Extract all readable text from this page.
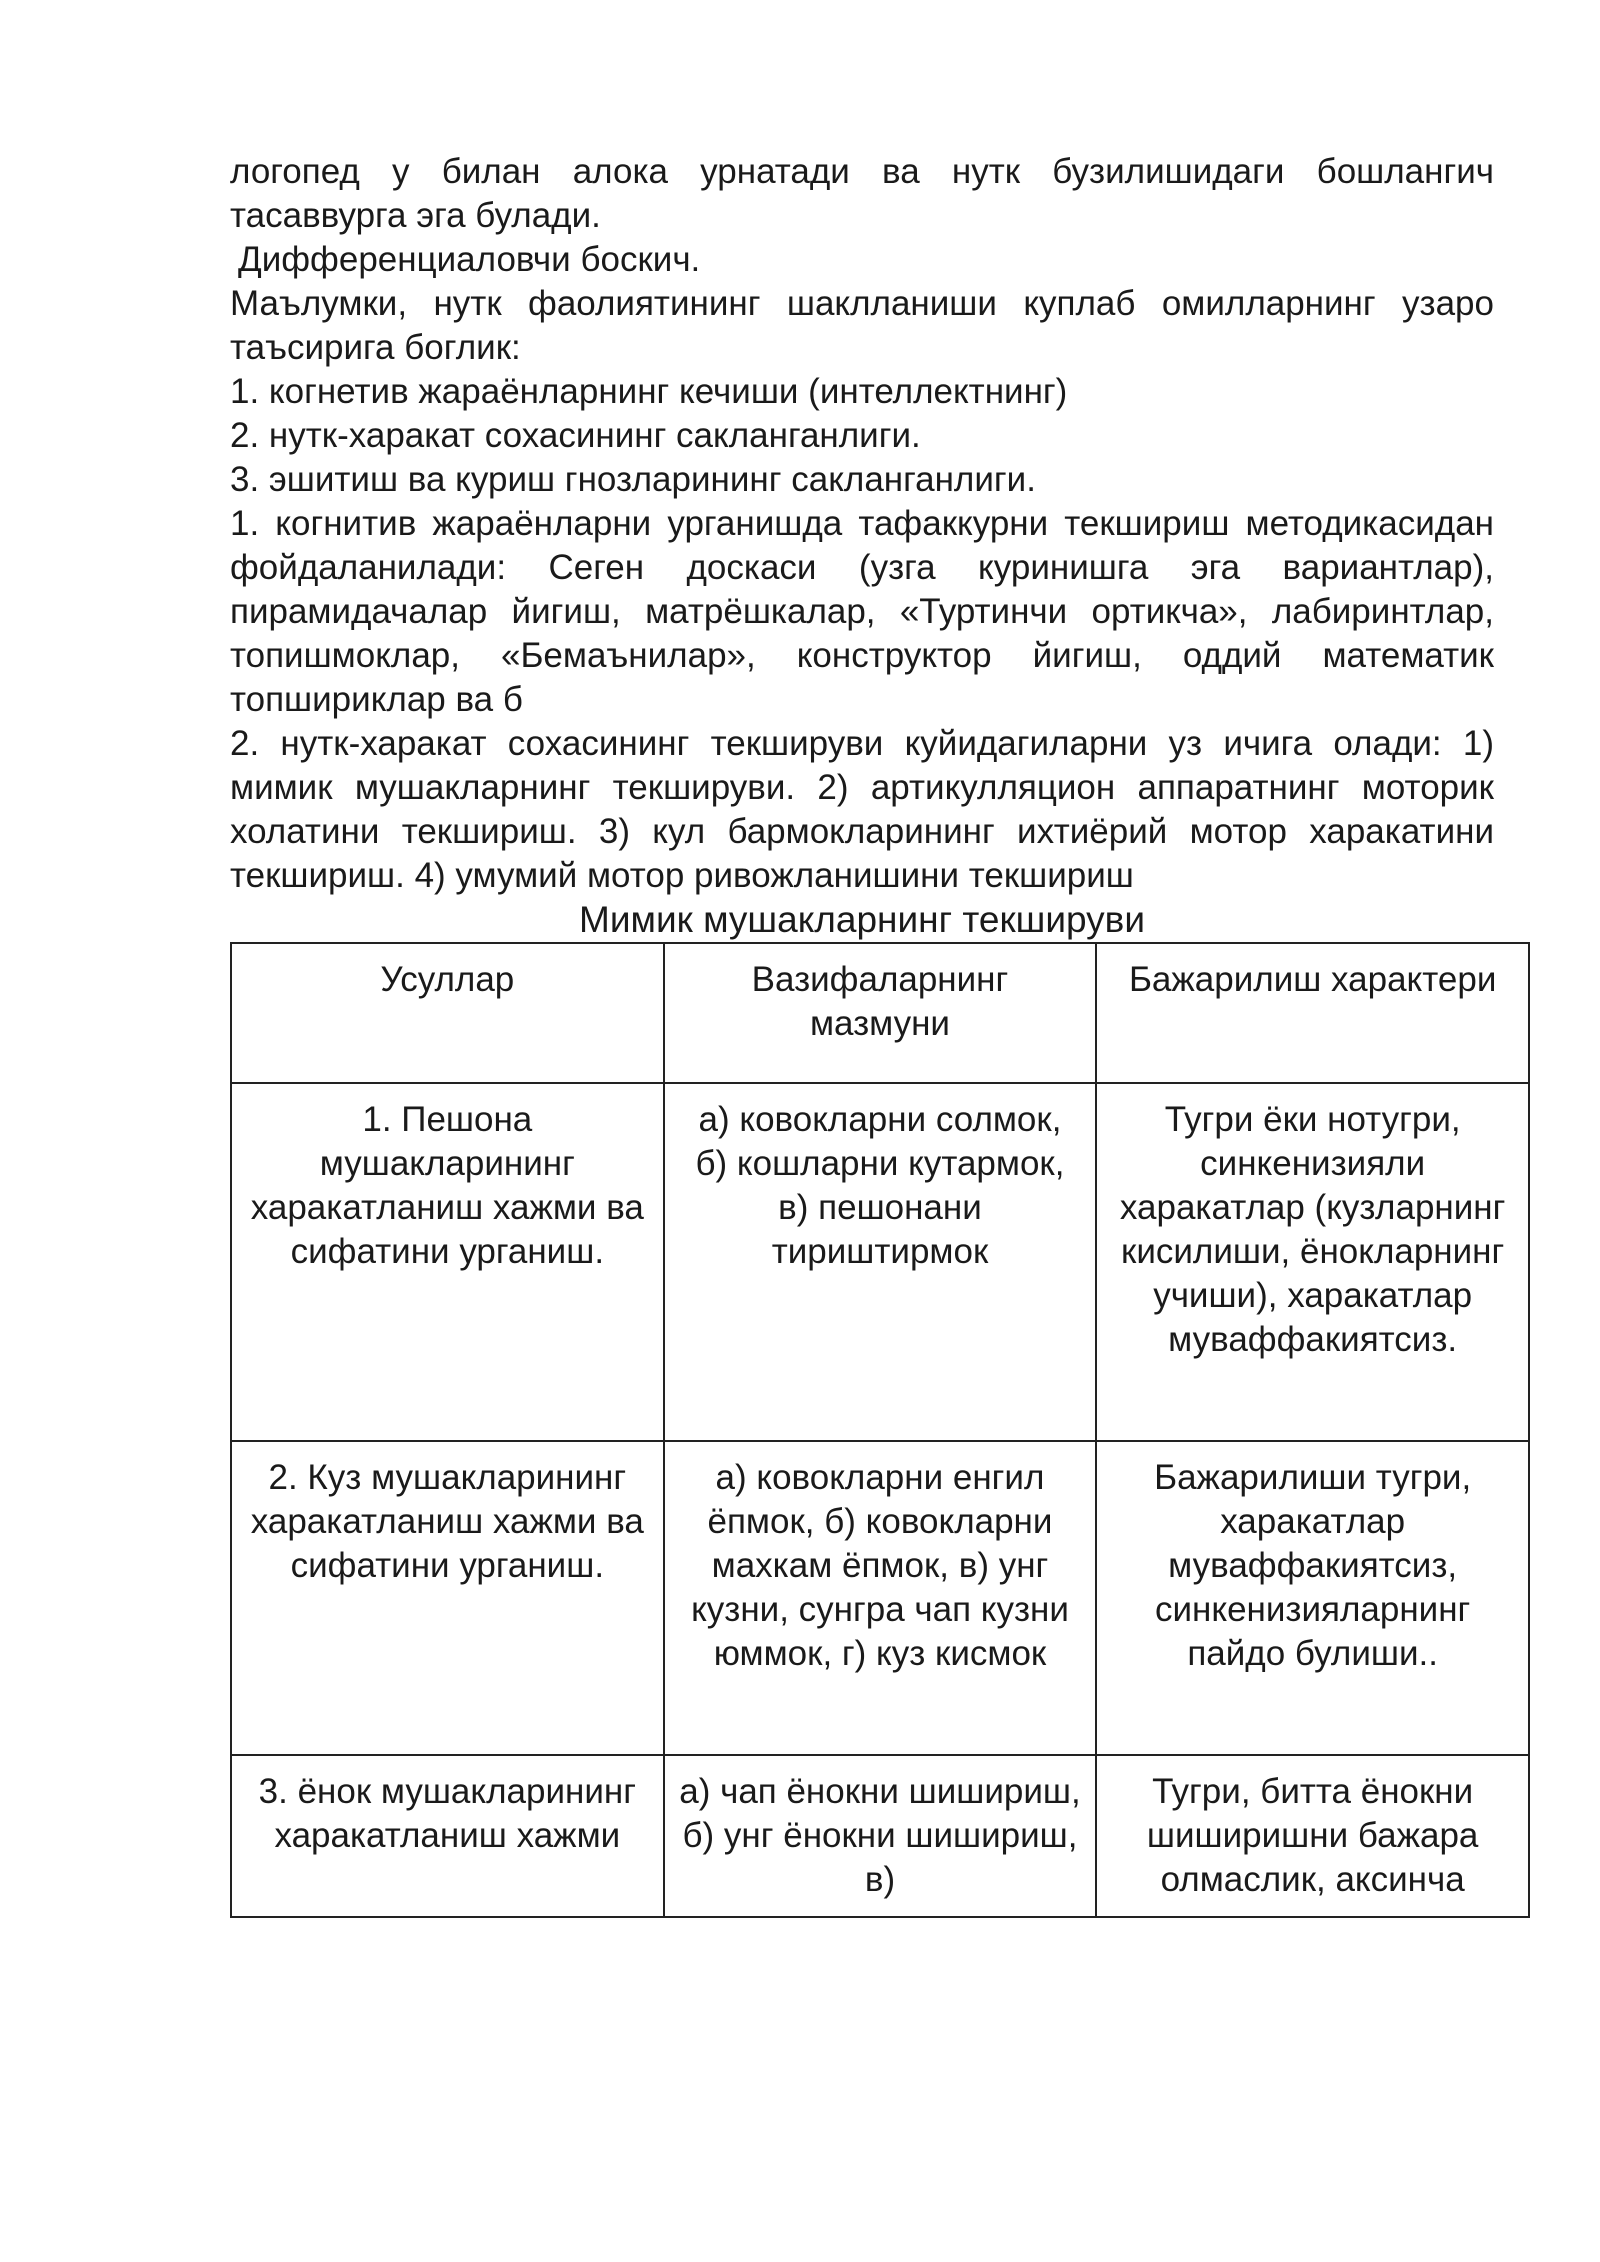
логопед у билан алока урнатади ва нутк бузилишидаги бошлангич тасаввурга эга булади.

Дифференциаловчи боскич.

Маълумки, нутк фаолиятининг шаклланиши куплаб омилларнинг узаро таъсирига боглик:

1. когнетив жараёнларнинг кечиши (интеллектнинг)

2. нутк-харакат сохасининг сакланганлиги.

3. эшитиш ва куриш гнозларининг сакланганлиги.

1. когнитив жараёнларни урганишда тафаккурни текшириш методикасидан фойдаланилади: Сеген доскаси (узга куринишга эга вариантлар), пирамидачалар йигиш, матрёшкалар, «Туртинчи ортикча», лабиринтлар, топишмоклар, «Бемаънилар», конструктор йигиш, оддий математик топшириклар ва б

2. нутк-харакат сохасининг текшируви куйидагиларни уз ичига олади: 1) мимик мушакларнинг текшируви. 2) артикулляцион аппаратнинг моторик холатини текшириш. 3) кул бармокларининг ихтиёрий мотор харакатини текшириш. 4) умумий мотор ривожланишини текшириш

Мимик мушакларнинг текшируви

Усуллар	Вазифаларнинг мазмуни	Бажарилиш характери
1. Пешона мушакларининг харакатланиш хажми ва сифатини урганиш.	а) ковокларни солмок, б) кошларни кутармок, в) пешонани тириштирмок	Тугри ёки нотугри, синкенизияли харакатлар (кузларнинг кисилиши, ёнокларнинг учиши), харакатлар муваффакиятсиз.
2. Куз мушакларининг харакатланиш хажми ва сифатини урганиш.	а) ковокларни енгил ёпмок, б) ковокларни махкам ёпмок, в) унг кузни, сунгра чап кузни юммок, г) куз кисмок	Бажарилиши тугри, харакатлар муваффакиятсиз, синкенизияларнинг пайдо булиши..
3. ёнок мушакларининг харакатланиш хажми	а) чап ёнокни шишириш, б) унг ёнокни шишириш, в)	Тугри, битта ёнокни шиширишни бажара олмаслик, аксинча
